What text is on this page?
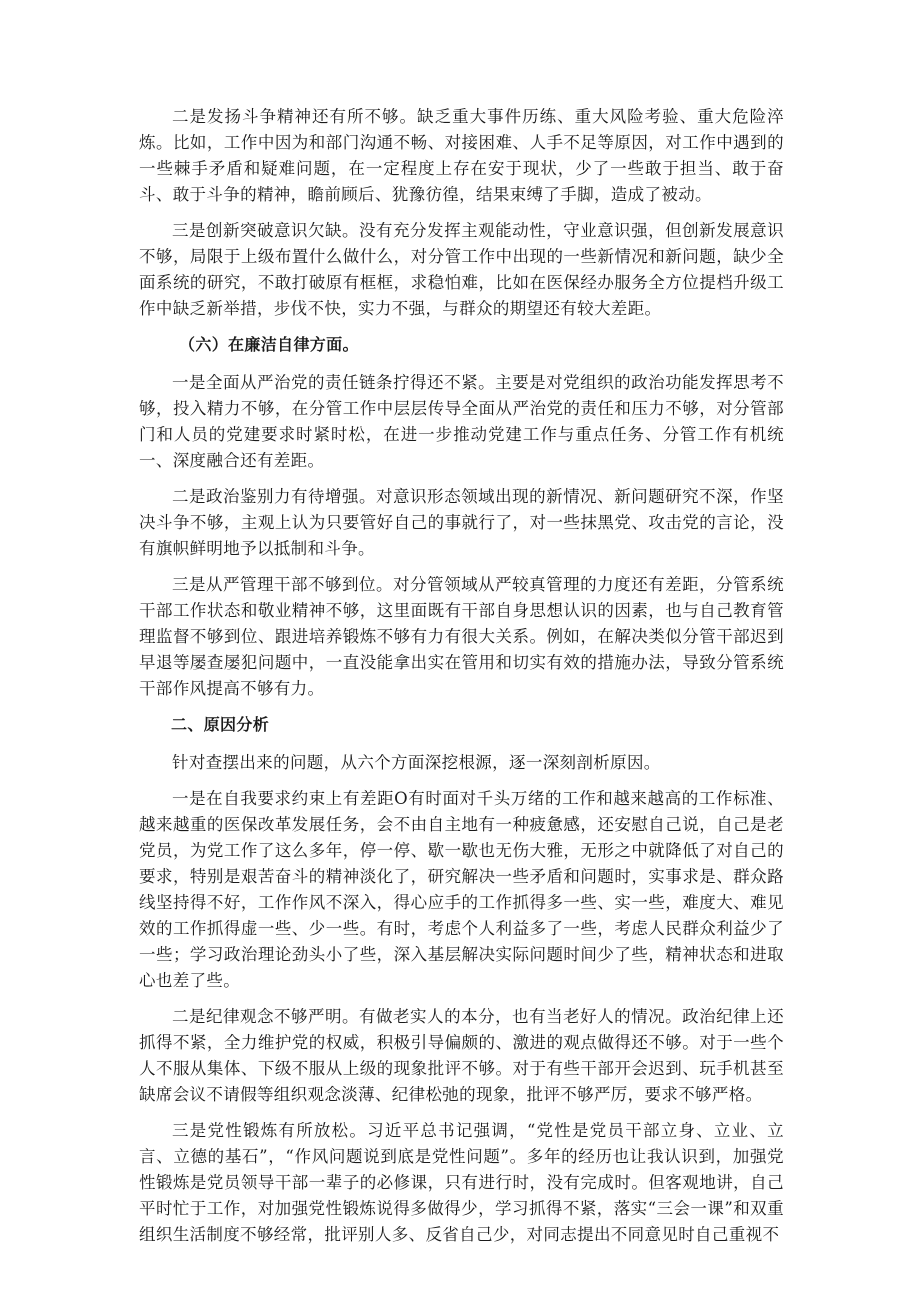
二是发扬斗争精神还有所不够。缺乏重大事件历练、重大风险考验、重大危险淬炼。比如，工作中因为和部门沟通不畅、对接困难、人手不足等原因，对工作中遇到的一些棘手矛盾和疑难问题，在一定程度上存在安于现状，少了一些敢于担当、敢于奋斗、敢于斗争的精神，瞻前顾后、犹豫彷徨，结果束缚了手脚，造成了被动。

三是创新突破意识欠缺。没有充分发挥主观能动性，守业意识强，但创新发展意识不够，局限于上级布置什么做什么，对分管工作中出现的一些新情况和新问题，缺少全面系统的研究，不敢打破原有框框，求稳怕难，比如在医保经办服务全方位提档升级工作中缺乏新举措，步伐不快，实力不强，与群众的期望还有较大差距。

（六）在廉洁自律方面。

一是全面从严治党的责任链条拧得还不紧。主要是对党组织的政治功能发挥思考不够，投入精力不够，在分管工作中层层传导全面从严治党的责任和压力不够，对分管部门和人员的党建要求时紧时松，在进一步推动党建工作与重点任务、分管工作有机统一、深度融合还有差距。

二是政治鉴别力有待增强。对意识形态领域出现的新情况、新问题研究不深，作坚决斗争不够，主观上认为只要管好自己的事就行了，对一些抹黑党、攻击党的言论，没有旗帜鲜明地予以抵制和斗争。

三是从严管理干部不够到位。对分管领域从严较真管理的力度还有差距，分管系统干部工作状态和敬业精神不够，这里面既有干部自身思想认识的因素，也与自己教育管理监督不够到位、跟进培养锻炼不够有力有很大关系。例如，在解决类似分管干部迟到早退等屡查屡犯问题中，一直没能拿出实在管用和切实有效的措施办法，导致分管系统干部作风提高不够有力。

二、原因分析

针对查摆出来的问题，从六个方面深挖根源，逐一深刻剖析原因。

一是在自我要求约束上有差距O有时面对千头万绪的工作和越来越高的工作标准、越来越重的医保改革发展任务，会不由自主地有一种疲惫感，还安慰自己说，自己是老党员，为党工作了这么多年，停一停、歇一歇也无伤大雅，无形之中就降低了对自己的要求，特别是艰苦奋斗的精神淡化了，研究解决一些矛盾和问题时，实事求是、群众路线坚持得不好，工作作风不深入，得心应手的工作抓得多一些、实一些，难度大、难见效的工作抓得虚一些、少一些。有时，考虑个人利益多了一些，考虑人民群众利益少了一些；学习政治理论劲头小了些，深入基层解决实际问题时间少了些，精神状态和进取心也差了些。

二是纪律观念不够严明。有做老实人的本分，也有当老好人的情况。政治纪律上还抓得不紧，全力维护党的权威，积极引导偏颇的、激进的观点做得还不够。对于一些个人不服从集体、下级不服从上级的现象批评不够。对于有些干部开会迟到、玩手机甚至缺席会议不请假等组织观念淡薄、纪律松弛的现象，批评不够严厉，要求不够严格。

三是党性锻炼有所放松。习近平总书记强调，“党性是党员干部立身、立业、立言、立德的基石”，“作风问题说到底是党性问题”。多年的经历也让我认识到，加强党性锻炼是党员领导干部一辈子的必修课，只有进行时，没有完成时。但客观地讲，自己平时忙于工作，对加强党性锻炼说得多做得少，学习抓得不紧，落实“三会一课”和双重组织生活制度不够经常，批评别人多、反省自己少，对同志提出不同意见时自己重视不
